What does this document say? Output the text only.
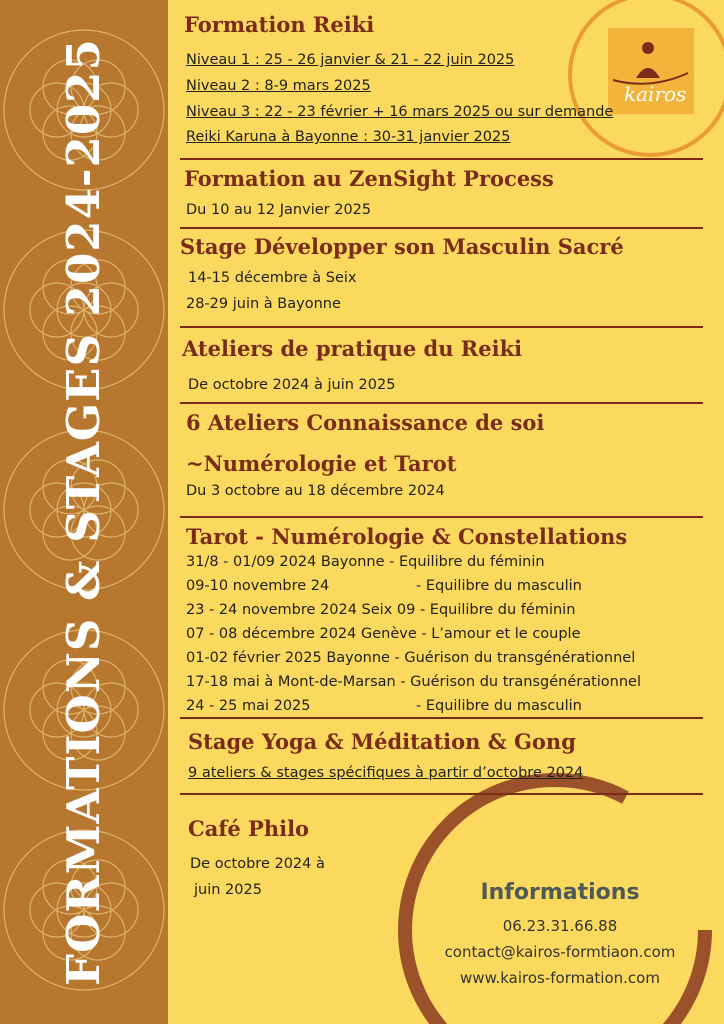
FORMATIONS & STAGES 2024-2025	kairos
Formation Reiki
Niveau 1 : 25 - 26 janvier & 21 - 22 juin 2025
Niveau 2 : 8-9 mars 2025
Niveau 3 : 22 - 23 février + 16 mars 2025 ou sur demande
Reiki Karuna à Bayonne : 30-31 janvier 2025
Formation au ZenSight Process
Du 10 au 12 Janvier 2025
Stage Développer son Masculin Sacré
14-15 décembre à Seix
28-29 juin à Bayonne
Ateliers de pratique du Reiki
De octobre 2024 à juin 2025
6 Ateliers Connaissance de soi
~Numérologie et Tarot
Du 3 octobre au 18 décembre 2024
Tarot - Numérologie & Constellations
31/8 - 01/09 2024 Bayonne - Equilibre du féminin
09-10 novembre 24	- Equilibre du masculin
23 - 24 novembre 2024 Seix 09 - Equilibre du féminin
07 - 08 décembre 2024 Genève - L’amour et le couple
01-02 février 2025 Bayonne - Guérison du transgénérationnel
17-18 mai à Mont-de-Marsan - Guérison du transgénérationnel
24 - 25 mai 2025	- Equilibre du masculin
Stage Yoga & Méditation & Gong
9 ateliers & stages spécifiques à partir d’octobre 2024
Café Philo
De octobre 2024 à
juin 2025	Informations
06.23.31.66.88
contact@kairos-formtiaon.com
www.kairos-formation.com
